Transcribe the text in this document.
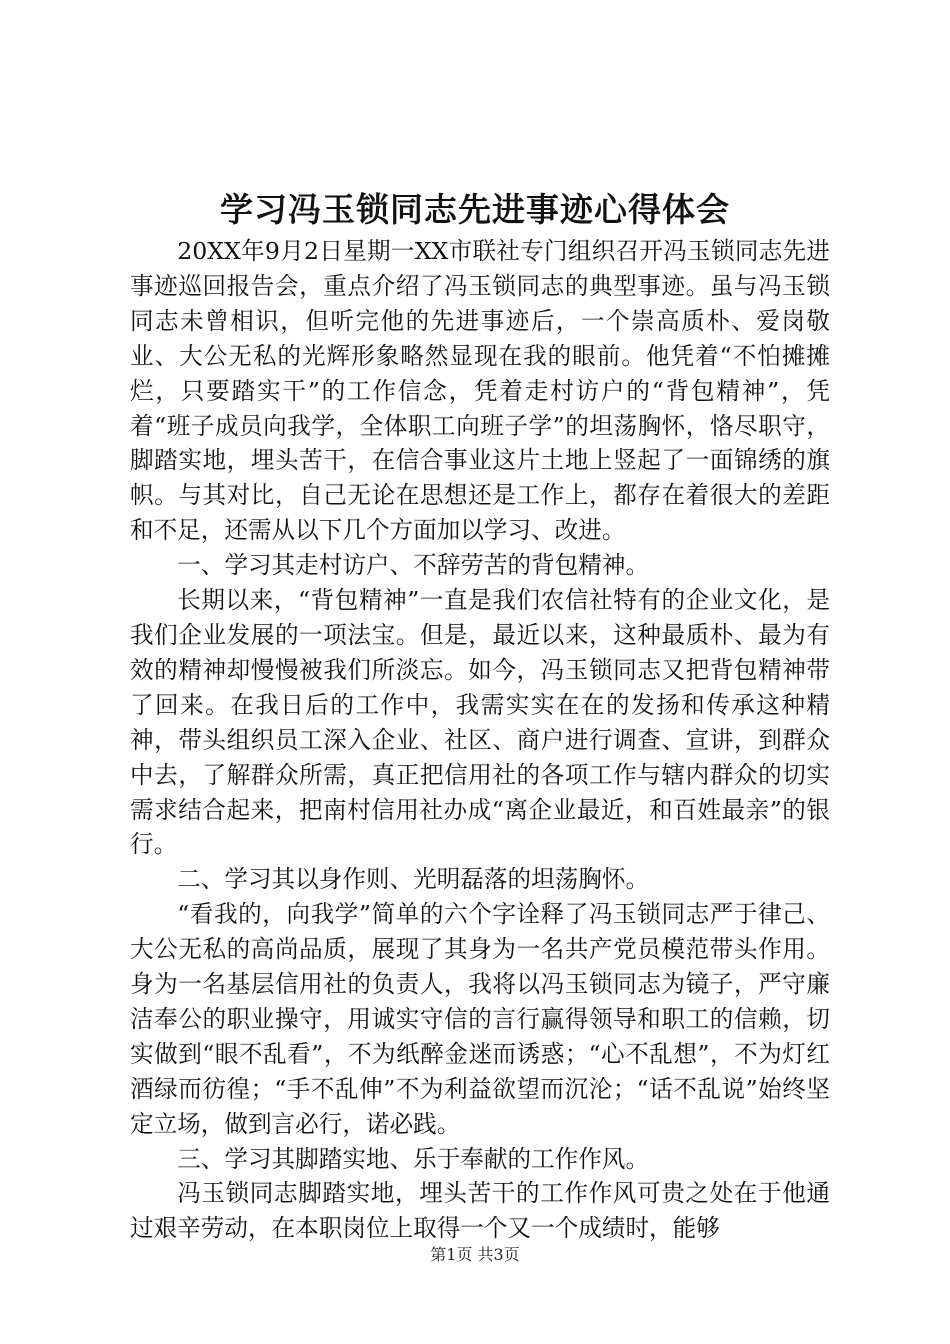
学习冯玉锁同志先进事迹心得体会

20XX年9月2日星期一XX市联社专门组织召开冯玉锁同志先进事迹巡回报告会，重点介绍了冯玉锁同志的典型事迹。虽与冯玉锁同志未曾相识，但听完他的先进事迹后，一个崇高质朴、爱岗敬业、大公无私的光辉形象略然显现在我的眼前。他凭着“不怕摊摊烂，只要踏实干”的工作信念，凭着走村访户的“背包精神”，凭着“班子成员向我学，全体职工向班子学”的坦荡胸怀，恪尽职守，脚踏实地，埋头苦干，在信合事业这片土地上竖起了一面锦绣的旗帜。与其对比，自己无论在思想还是工作上，都存在着很大的差距和不足，还需从以下几个方面加以学习、改进。

一、学习其走村访户、不辞劳苦的背包精神。

长期以来，“背包精神”一直是我们农信社特有的企业文化，是我们企业发展的一项法宝。但是，最近以来，这种最质朴、最为有效的精神却慢慢被我们所淡忘。如今，冯玉锁同志又把背包精神带了回来。在我日后的工作中，我需实实在在的发扬和传承这种精神，带头组织员工深入企业、社区、商户进行调查、宣讲，到群众中去，了解群众所需，真正把信用社的各项工作与辖内群众的切实需求结合起来，把南村信用社办成“离企业最近，和百姓最亲”的银行。

二、学习其以身作则、光明磊落的坦荡胸怀。

“看我的，向我学”简单的六个字诠释了冯玉锁同志严于律己、大公无私的高尚品质，展现了其身为一名共产党员模范带头作用。身为一名基层信用社的负责人，我将以冯玉锁同志为镜子，严守廉洁奉公的职业操守，用诚实守信的言行赢得领导和职工的信赖，切实做到“眼不乱看”，不为纸醉金迷而诱惑；“心不乱想”，不为灯红酒绿而彷徨；“手不乱伸”不为利益欲望而沉沦；“话不乱说”始终坚定立场，做到言必行，诺必践。

三、学习其脚踏实地、乐于奉献的工作作风。

冯玉锁同志脚踏实地，埋头苦干的工作作风可贵之处在于他通过艰辛劳动，在本职岗位上取得一个又一个成绩时，能够

第1页 共3页
